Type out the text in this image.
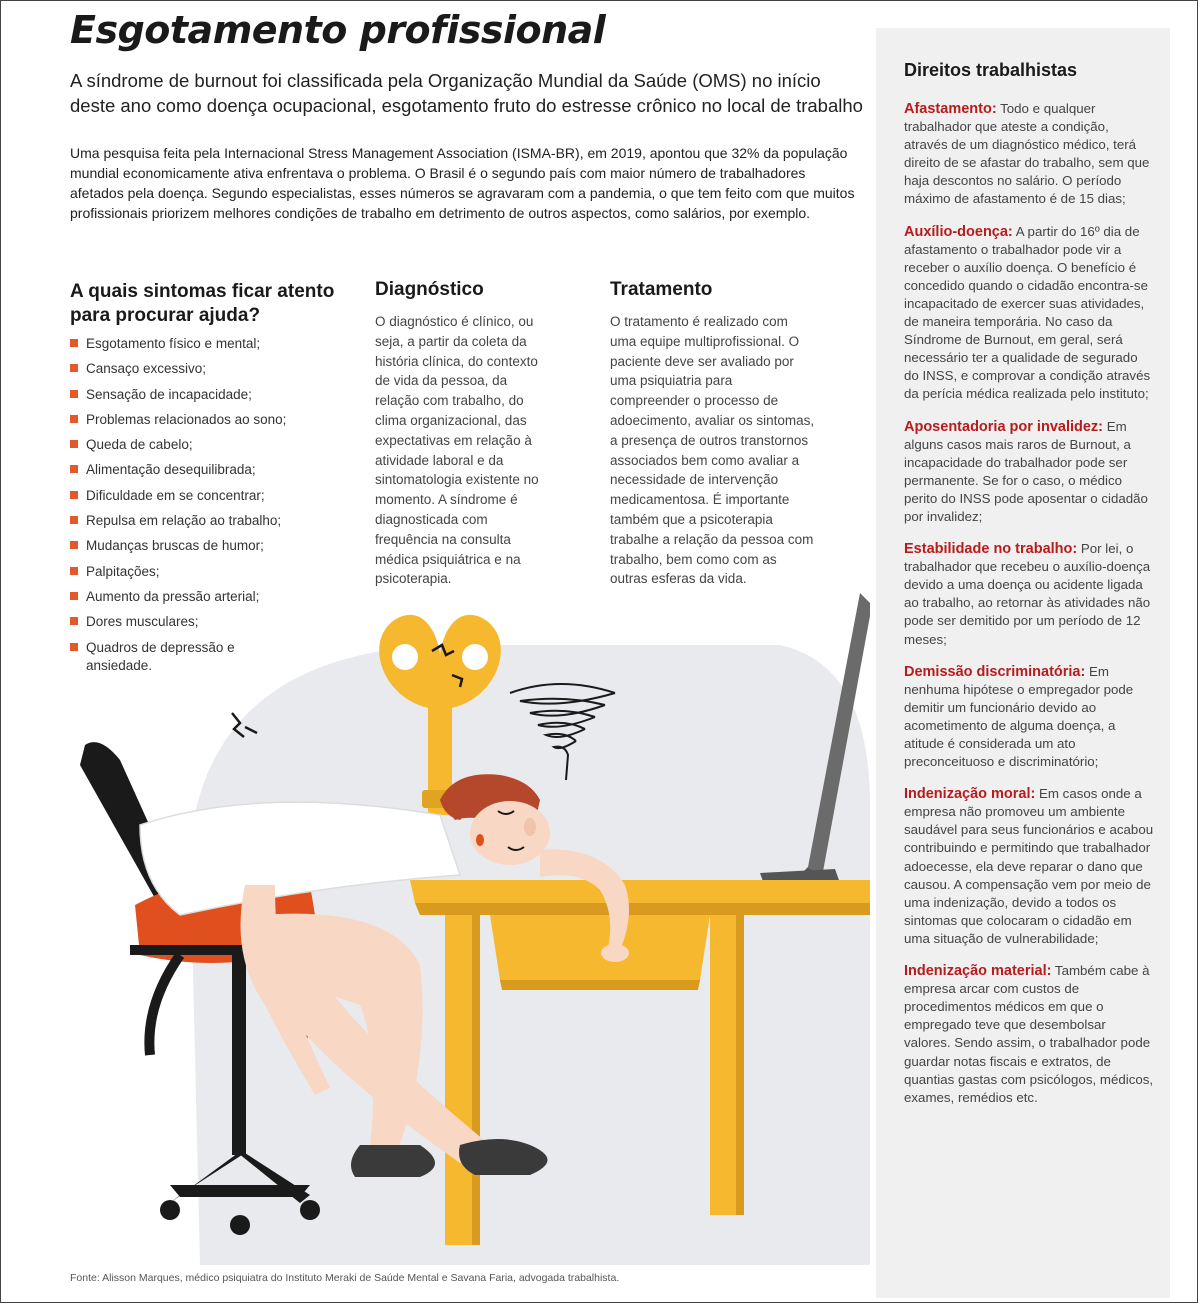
Esgotamento profissional

A síndrome de burnout foi classificada pela Organização Mundial da Saúde (OMS) no início deste ano como doença ocupacional, esgotamento fruto do estresse crônico no local de trabalho

Uma pesquisa feita pela Internacional Stress Management Association (ISMA-BR), em 2019, apontou que 32% da população mundial economicamente ativa enfrentava o problema. O Brasil é o segundo país com maior número de trabalhadores afetados pela doença. Segundo especialistas, esses números se agravaram com a pandemia, o que tem feito com que muitos profissionais priorizem melhores condições de trabalho em detrimento de outros aspectos, como salários, por exemplo.

A quais sintomas ficar atento para procurar ajuda?
Esgotamento físico e mental;
Cansaço excessivo;
Sensação de incapacidade;
Problemas relacionados ao sono;
Queda de cabelo;
Alimentação desequilibrada;
Dificuldade em se concentrar;
Repulsa em relação ao trabalho;
Mudanças bruscas de humor;
Palpitações;
Aumento da pressão arterial;
Dores musculares;
Quadros de depressão e ansiedade.
Diagnóstico

O diagnóstico é clínico, ou seja, a partir da coleta da história clínica, do contexto de vida da pessoa, da relação com trabalho, do clima organizacional, das expectativas em relação à atividade laboral e da sintomatologia existente no momento. A síndrome é diagnosticada com frequência na consulta médica psiquiátrica e na psicoterapia.

Tratamento

O tratamento é realizado com uma equipe multiprofissional. O paciente deve ser avaliado por uma psiquiatria para compreender o processo de adoecimento, avaliar os sintomas, a presença de outros transtornos associados bem como avaliar a necessidade de intervenção medicamentosa. É importante também que a psicoterapia trabalhe a relação da pessoa com trabalho, bem como com as outras esferas da vida.

Direitos trabalhistas

Afastamento: Todo e qualquer trabalhador que ateste a condição, através de um diagnóstico médico, terá direito de se afastar do trabalho, sem que haja descontos no salário. O período máximo de afastamento é de 15 dias;

Auxílio-doença: A partir do 16º dia de afastamento o trabalhador pode vir a receber o auxílio doença. O benefício é concedido quando o cidadão encontra-se incapacitado de exercer suas atividades, de maneira temporária. No caso da Síndrome de Burnout, em geral, será necessário ter a qualidade de segurado do INSS, e comprovar a condição através da perícia médica realizada pelo instituto;

Aposentadoria por invalidez: Em alguns casos mais raros de Burnout, a incapacidade do trabalhador pode ser permanente. Se for o caso, o médico perito do INSS pode aposentar o cidadão por invalidez;

Estabilidade no trabalho: Por lei, o trabalhador que recebeu o auxílio-doença devido a uma doença ou acidente ligada ao trabalho, ao retornar às atividades não pode ser demitido por um período de 12 meses;

Demissão discriminatória: Em nenhuma hipótese o empregador pode demitir um funcionário devido ao acometimento de alguma doença, a atitude é considerada um ato preconceituoso e discriminatório;

Indenização moral: Em casos onde a empresa não promoveu um ambiente saudável para seus funcionários e acabou contribuindo e permitindo que trabalhador adoecesse, ela deve reparar o dano que causou. A compensação vem por meio de uma indenização, devido a todos os sintomas que colocaram o cidadão em uma situação de vulnerabilidade;

Indenização material: Também cabe à empresa arcar com custos de procedimentos médicos em que o empregado teve que desembolsar valores. Sendo assim, o trabalhador pode guardar notas fiscais e extratos, de quantias gastas com psicólogos, médicos, exames, remédios etc.

Fonte: Alisson Marques, médico psiquiatra do Instituto Meraki de Saúde Mental e Savana Faria, advogada trabalhista.
